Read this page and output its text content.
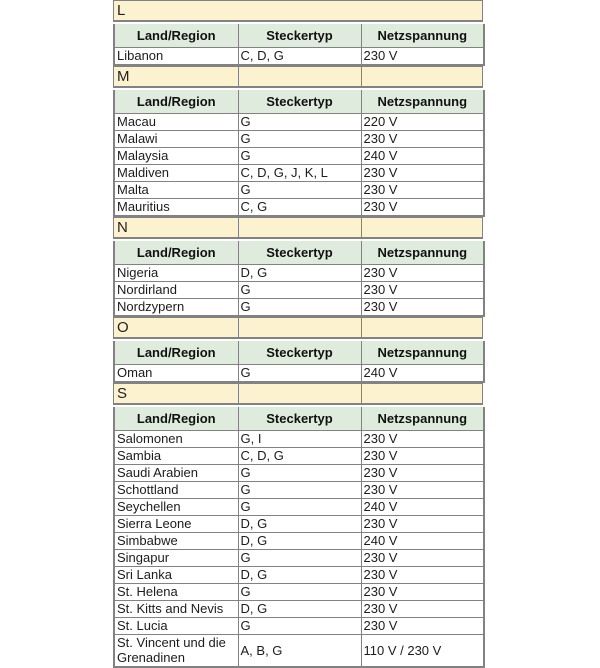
L
Land/Region	Steckertyp	Netzspannung
Libanon	C, D, G	230 V
M
Land/Region	Steckertyp	Netzspannung
Macau	G	220 V
Malawi	G	230 V
Malaysia	G	240 V
Maldiven	C, D, G, J, K, L	230 V
Malta	G	230 V
Mauritius	C, G	230 V
N
Land/Region	Steckertyp	Netzspannung
Nigeria	D, G	230 V
Nordirland	G	230 V
Nordzypern	G	230 V
O
Land/Region	Steckertyp	Netzspannung
Oman	G	240 V
S
Land/Region	Steckertyp	Netzspannung
Salomonen	G, I	230 V
Sambia	C, D, G	230 V
Saudi Arabien	G	230 V
Schottland	G	230 V
Seychellen	G	240 V
Sierra Leone	D, G	230 V
Simbabwe	D, G	240 V
Singapur	G	230 V
Sri Lanka	D, G	230 V
St. Helena	G	230 V
St. Kitts and Nevis	D, G	230 V
St. Lucia	G	230 V
St. Vincent und die Grenadinen	A, B, G	110 V / 230 V
